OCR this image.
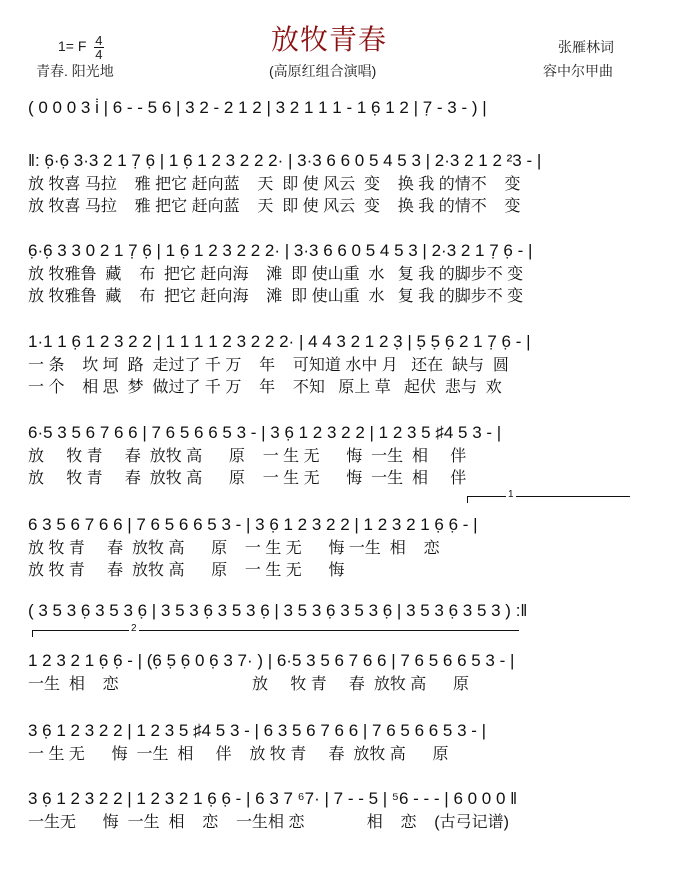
1= F $\frac{4}{4}$
青春. 阳光地
放牧青春
(高原红组合演唱)
张雁林词
容中尔甲曲
( 0 0 0 3 i̇ | 6 - - 5 6 | 3 2 - 2 1 2 | 3 2 1 1 1 - 1 6̣ 1 2 | 7̣ - 3 - ) |
‖: 6̣·6̣ 3·3 2 1 7̣ 6̣ | 1 6̣ 1 2 3 2 2 2· | 3·3 6 6 0 5 4 5 3 | 2·3 2 1 2 ²3 - |
放 牧喜 马拉    雅 把它 赶向蓝    天  即 使 风云  变    换 我 的情不    变
放 牧喜 马拉    雅 把它 赶向蓝    天  即 使 风云  变    换 我 的情不    变
6̣·6̣ 3 3 0 2 1 7̣ 6̣ | 1 6̣ 1 2 3 2 2 2· | 3·3 6 6 0 5 4 5 3 | 2·3 2 1 7̣ 6̣ - |
放 牧雅鲁  藏    布  把它 赶向海    滩  即 使山重  水   复 我 的脚步不 变
放 牧雅鲁  藏    布  把它 赶向海    滩  即 使山重  水   复 我 的脚步不 变
1·1 1 6̣ 1 2 3 2 2 | 1 1 1 1 2 3 2 2 2· | 4 4 3 2 1 2 3̣ | 5̣ 5̣ 6̣ 2 1 7̣ 6̣ - |
一 条    坎 坷  路  走过了 千 万    年    可知道 水中 月   还在  缺与  圆
一 个    相 思  梦  做过了 千 万    年    不知   原上 草   起伏  悲与  欢
6·5 3 5 6 7 6 6 | 7 6 5 6 6 5 3 - | 3 6̣ 1 2 3 2 2 | 1 2 3 5 ♯4 5 3 - |
放     牧 青     春  放牧 高      原    一 生 无      悔  一生  相     伴
放     牧 青     春  放牧 高      原    一 生 无      悔  一生  相     伴
1
6 3 5 6 7 6 6 | 7 6 5 6 6 5 3 - | 3 6̣ 1 2 3 2 2 | 1 2 3 2 1 6̣ 6̣ - |
放 牧 青     春  放牧 高      原    一 生 无      悔 一生  相    恋
放 牧 青     春  放牧 高      原    一 生 无      悔
( 3 5 3 6̣ 3 5 3 6̣ | 3 5 3 6̣ 3 5 3 6̣ | 3 5 3 6̣ 3 5 3 6̣ | 3 5 3 6̣ 3 5 3 ) :‖
2
1 2 3 2 1 6̣ 6̣ - | (6̣ 5̣ 6̣ 0 6̣ 3 7· ) | 6·5 3 5 6 7 6 6 | 7 6 5 6 6 5 3 - |
一生  相    恋                              放     牧 青     春  放牧 高      原
3 6̣ 1 2 3 2 2 | 1 2 3 5 ♯4 5 3 - | 6 3 5 6 7 6 6 | 7 6 5 6 6 5 3 - |
一 生 无      悔  一生  相     伴    放 牧 青     春  放牧 高      原
3 6̣ 1 2 3 2 2 | 1 2 3 2 1 6̣ 6̣ - | 6 3 7 ⁶7· | 7 - - 5 | ⁵6 - - - | 6 0 0 0 ‖
一生无      悔  一生  相    恋    一生相 恋              相    恋    (古弓记谱)
